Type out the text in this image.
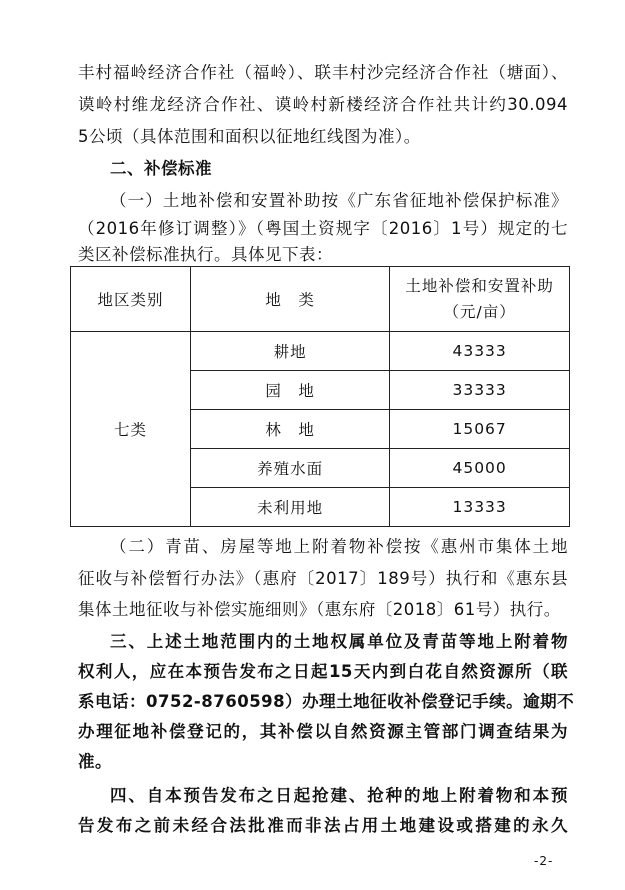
丰村福岭经济合作社（福岭）、联丰村沙完经济合作社（塘面）、
谟岭村维龙经济合作社、谟岭村新楼经济合作社共计约30.094
5公顷（具体范围和面积以征地红线图为准）。
二、补偿标准
（一）土地补偿和安置补助按《广东省征地补偿保护标准》
（2016年修订调整）》（粤国土资规字〔2016〕1号）规定的七
类区补偿标准执行。具体见下表：
地区类别	地　类	土地补偿和安置补助
（元/亩）

七类	耕地	43333
	园　地	33333
	林　地	15067
	养殖水面	45000
	未利用地	13333
（二）青苗、房屋等地上附着物补偿按《惠州市集体土地
征收与补偿暂行办法》（惠府〔2017〕189号）执行和《惠东县
集体土地征收与补偿实施细则》（惠东府〔2018〕61号）执行。
三、上述土地范围内的土地权属单位及青苗等地上附着物
权利人，应在本预告发布之日起15天内到白花自然资源所（联
系电话：0752-8760598）办理土地征收补偿登记手续。逾期不
办理征地补偿登记的，其补偿以自然资源主管部门调查结果为
准。
四、自本预告发布之日起抢建、抢种的地上附着物和本预
告发布之前未经合法批准而非法占用土地建设或搭建的永久
-2-
